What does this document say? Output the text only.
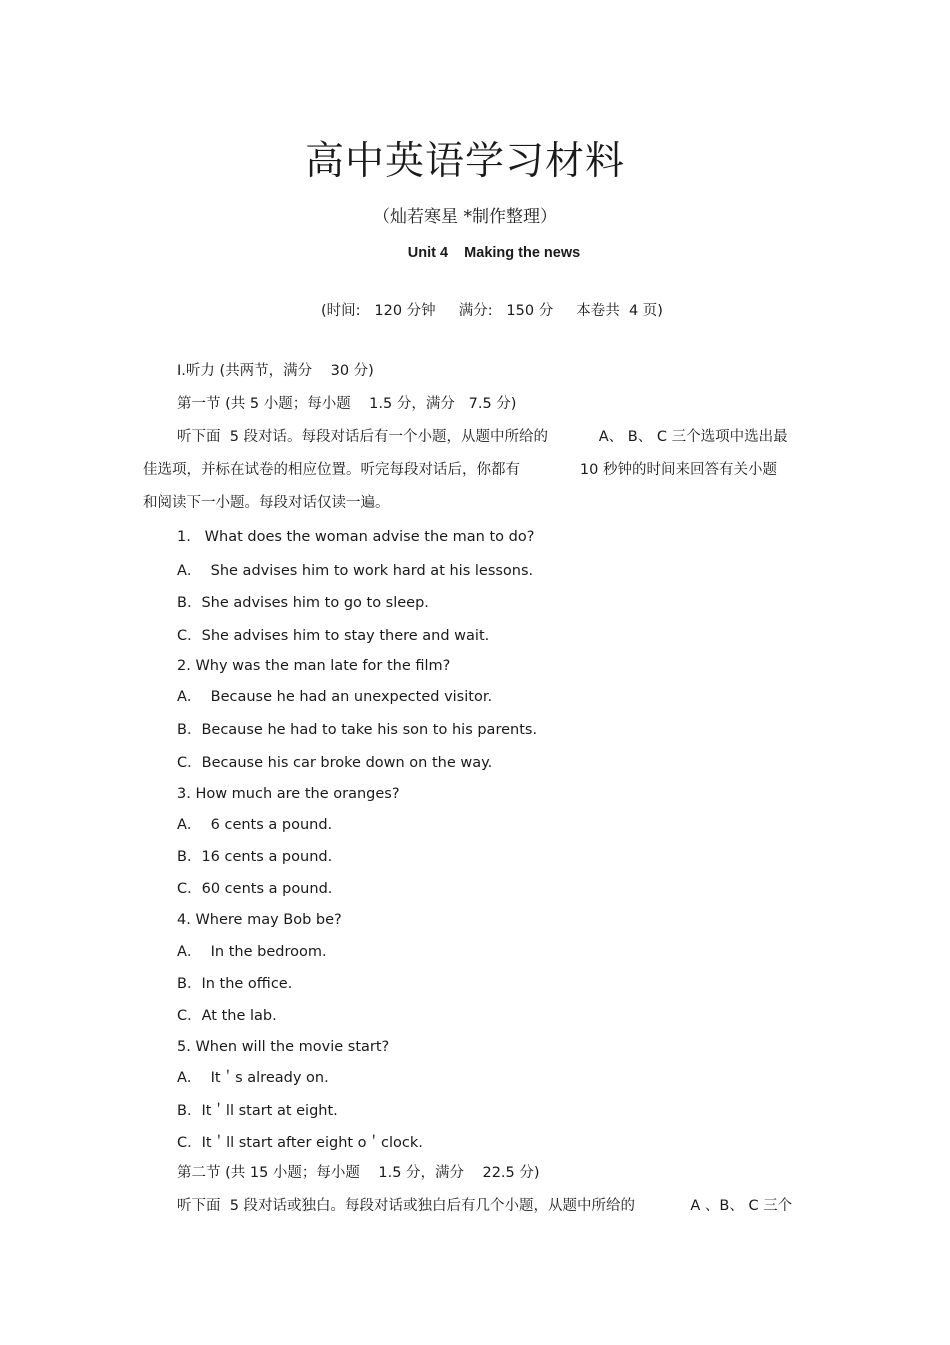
高中英语学习材料
（灿若寒星 *制作整理）
Unit 4    Making the news
(时间:   120 分钟     满分:   150 分     本卷共  4 页)
Ⅰ.听力 (共两节，满分    30 分)
第一节 (共 5 小题；每小题    1.5 分，满分   7.5 分)
听下面  5 段对话。每段对话后有一个小题，从题中所给的           A、 B、 C 三个选项中选出最
佳选项，并标在试卷的相应位置。听完每段对话后，你都有             10 秒钟的时间来回答有关小题
和阅读下一小题。每段对话仅读一遍。
1.   What does the woman advise the man to do?
A．  She advises him to work hard at his lessons.
B．She advises him to go to sleep.
C．She advises him to stay there and wait.
2. Why was the man late for the film?
A．  Because he had an unexpected visitor.
B．Because he had to take his son to his parents.
C．Because his car broke down on the way.
3. How much are the oranges?
A．  6 cents a pound.
B．16 cents a pound.
C．60 cents a pound.
4. Where may Bob be?
A．  In the bedroom.
B．In the office.
C．At the lab.
5. When will the movie start?
A．  It＇s already on.
B．It＇ll start at eight.
C．It＇ll start after eight o＇clock.
第二节 (共 15 小题；每小题    1.5 分，满分    22.5 分)
听下面  5 段对话或独白。每段对话或独白后有几个小题，从题中所给的            A 、B、 C 三个
